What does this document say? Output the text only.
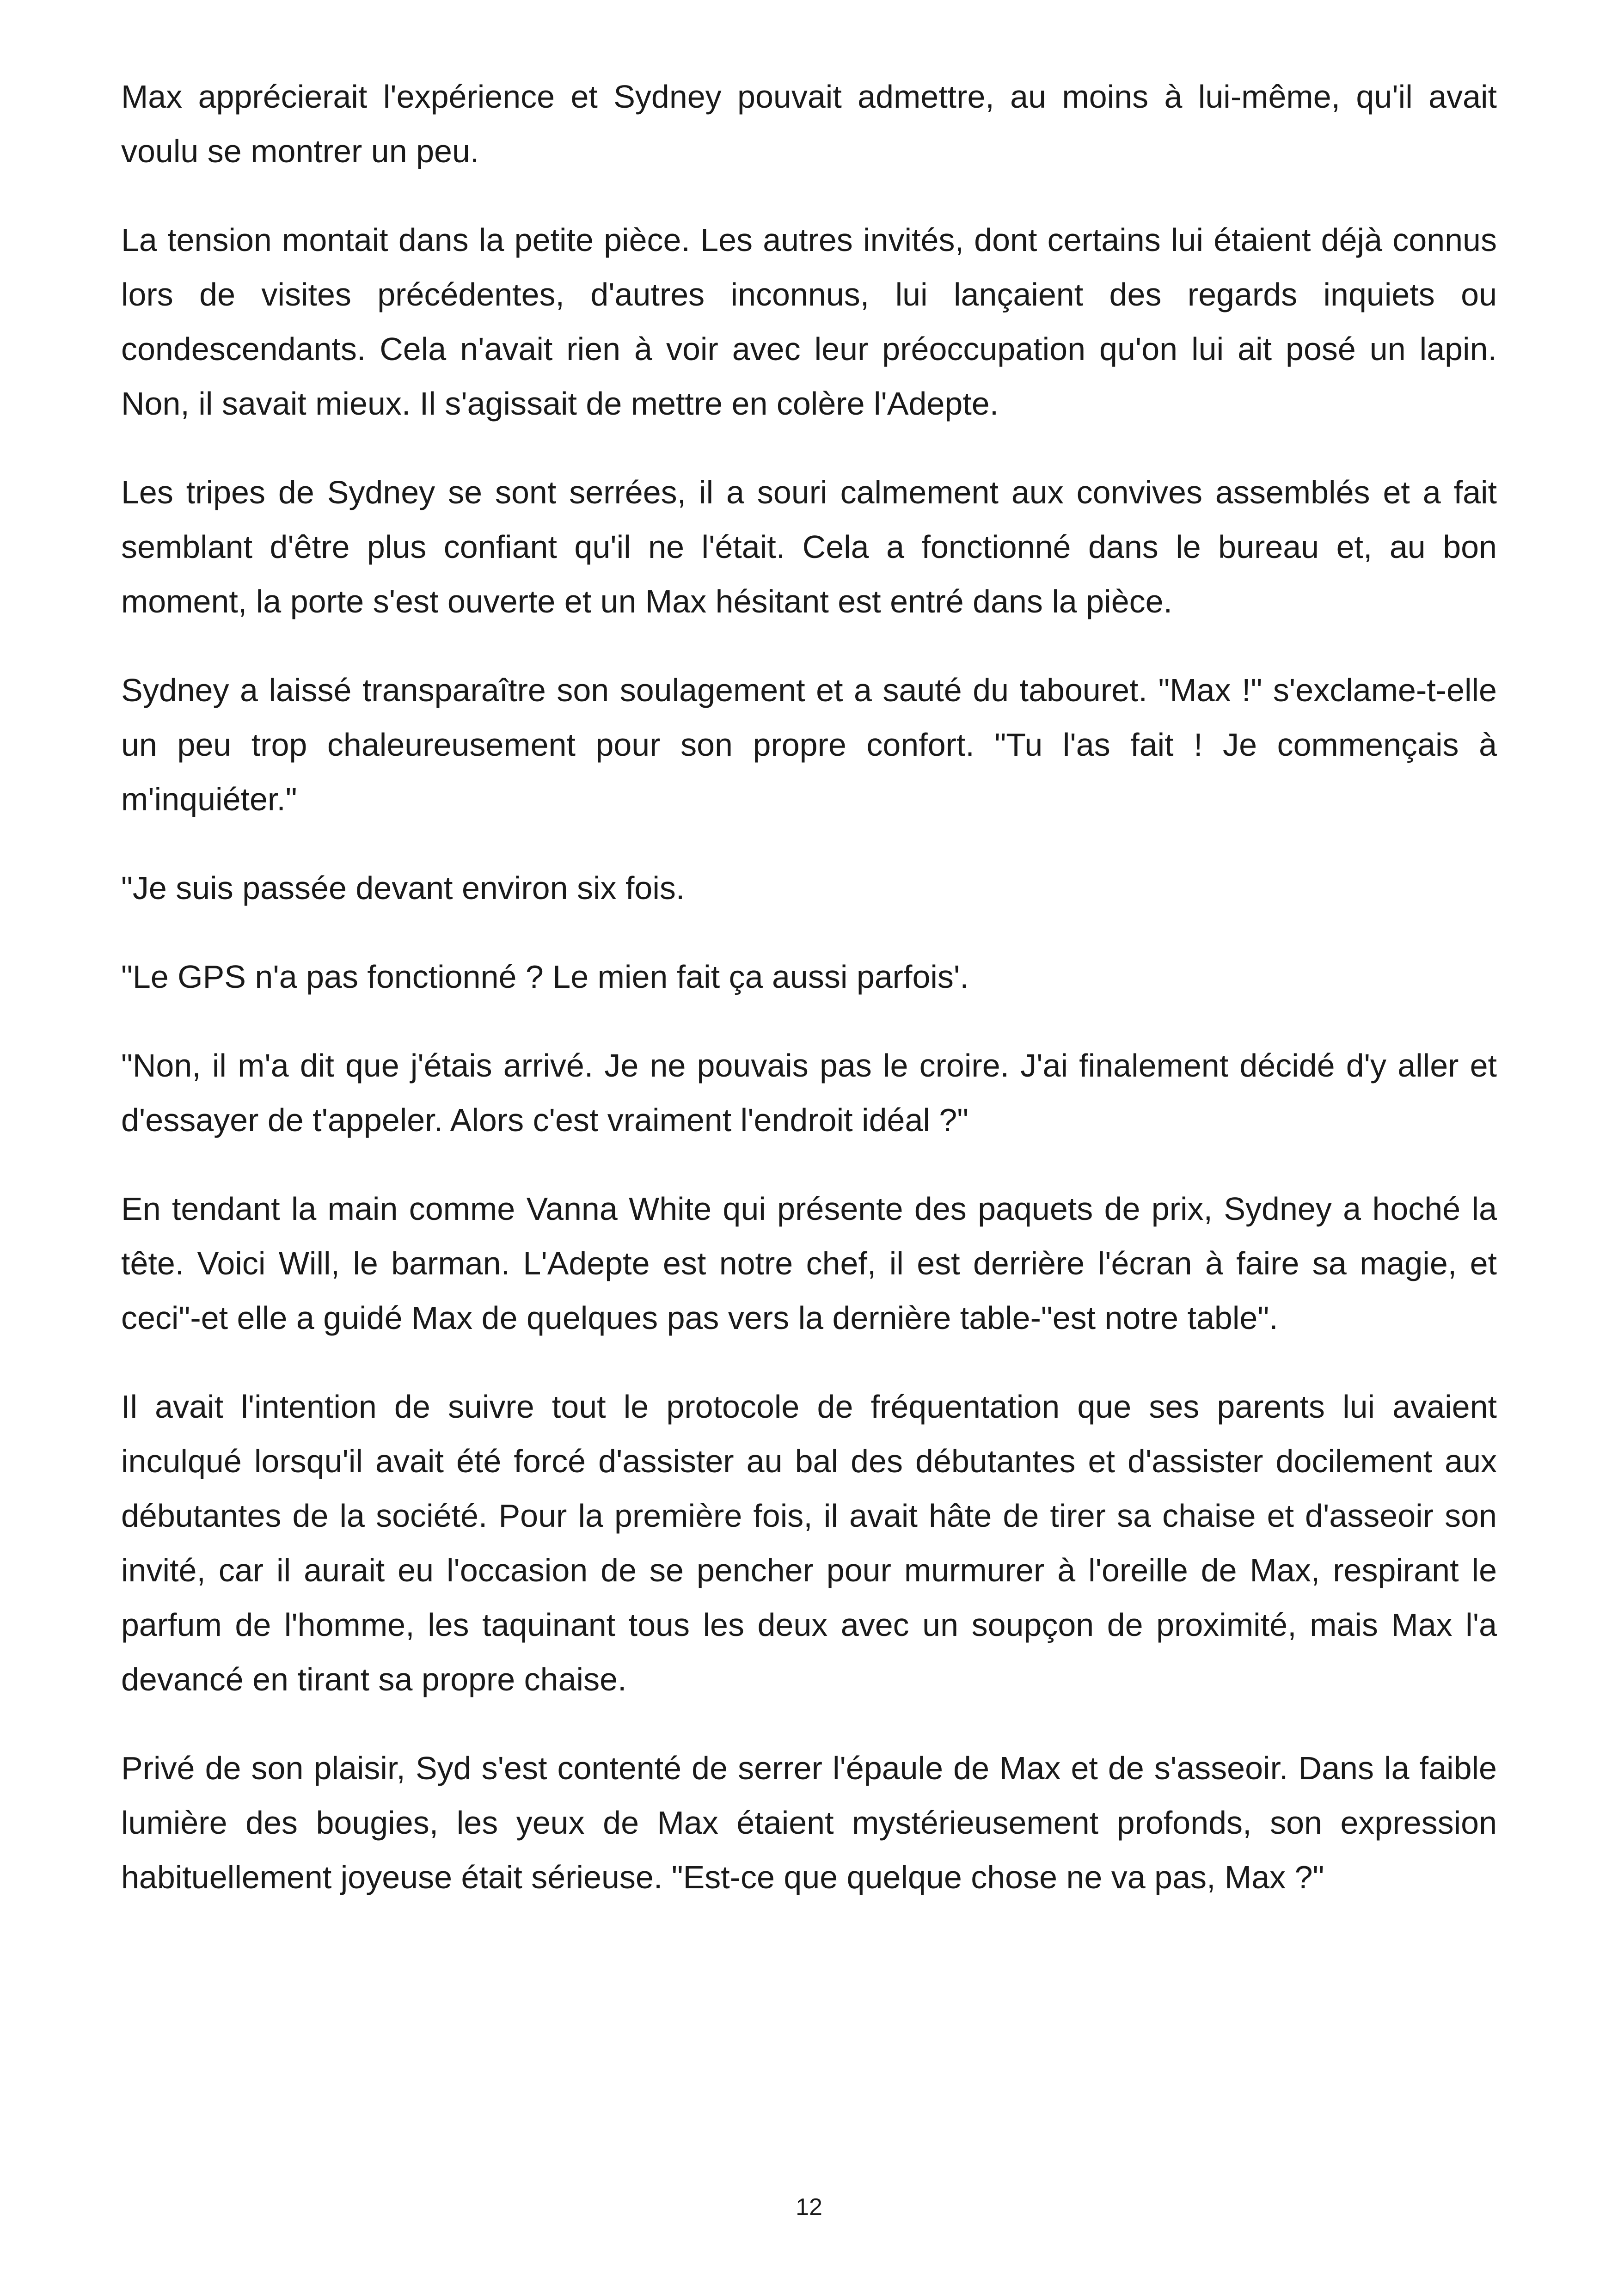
Max apprécierait l'expérience et Sydney pouvait admettre, au moins à lui-même, qu'il avait voulu se montrer un peu.

La tension montait dans la petite pièce. Les autres invités, dont certains lui étaient déjà connus lors de visites précédentes, d'autres inconnus, lui lançaient des regards inquiets ou condescendants. Cela n'avait rien à voir avec leur préoccupation qu'on lui ait posé un lapin. Non, il savait mieux. Il s'agissait de mettre en colère l'Adepte.

Les tripes de Sydney se sont serrées, il a souri calmement aux convives assemblés et a fait semblant d'être plus confiant qu'il ne l'était. Cela a fonctionné dans le bureau et, au bon moment, la porte s'est ouverte et un Max hésitant est entré dans la pièce.

Sydney a laissé transparaître son soulagement et a sauté du tabouret. "Max !" s'exclame-t-elle un peu trop chaleureusement pour son propre confort. "Tu l'as fait ! Je commençais à m'inquiéter."

"Je suis passée devant environ six fois.

"Le GPS n'a pas fonctionné ? Le mien fait ça aussi parfois'.

"Non, il m'a dit que j'étais arrivé. Je ne pouvais pas le croire. J'ai finalement décidé d'y aller et d'essayer de t'appeler. Alors c'est vraiment l'endroit idéal ?"

En tendant la main comme Vanna White qui présente des paquets de prix, Sydney a hoché la tête. Voici Will, le barman. L'Adepte est notre chef, il est derrière l'écran à faire sa magie, et ceci"-et elle a guidé Max de quelques pas vers la dernière table-"est notre table".

Il avait l'intention de suivre tout le protocole de fréquentation que ses parents lui avaient inculqué lorsqu'il avait été forcé d'assister au bal des débutantes et d'assister docilement aux débutantes de la société. Pour la première fois, il avait hâte de tirer sa chaise et d'asseoir son invité, car il aurait eu l'occasion de se pencher pour murmurer à l'oreille de Max, respirant le parfum de l'homme, les taquinant tous les deux avec un soupçon de proximité, mais Max l'a devancé en tirant sa propre chaise.

Privé de son plaisir, Syd s'est contenté de serrer l'épaule de Max et de s'asseoir. Dans la faible lumière des bougies, les yeux de Max étaient mystérieusement profonds, son expression habituellement joyeuse était sérieuse. "Est-ce que quelque chose ne va pas, Max ?"

12
